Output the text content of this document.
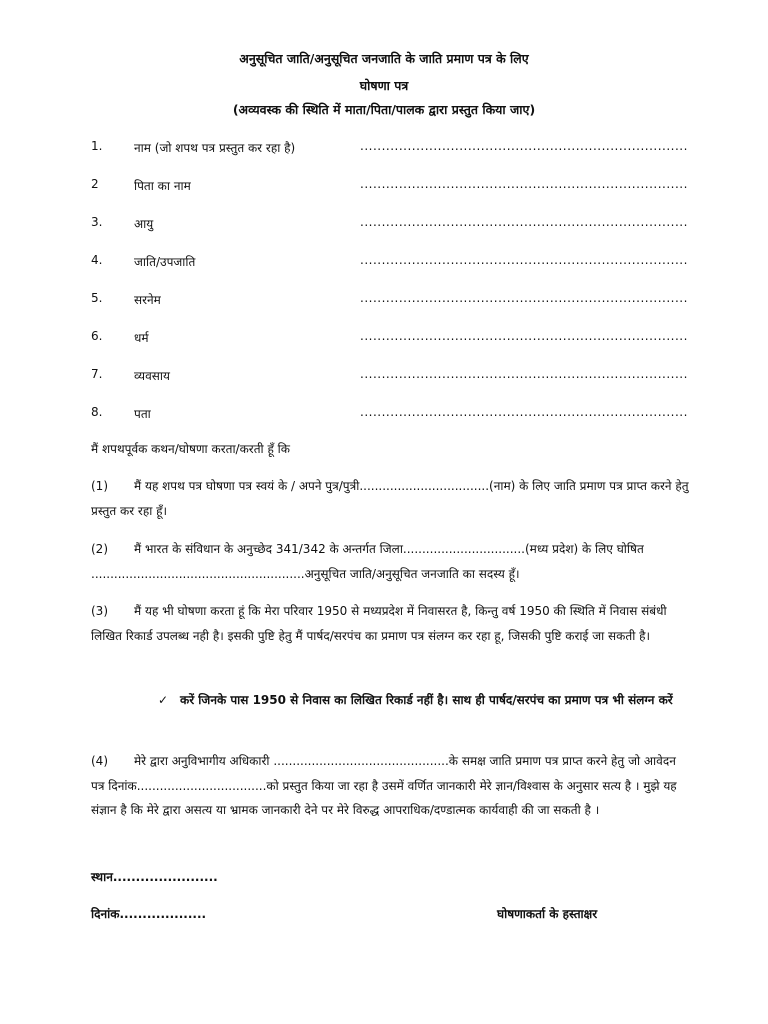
अनुसूचित जाति/अनुसूचित जनजाति के जाति प्रमाण पत्र के लिए
घोषणा पत्र
(अव्यवस्क की स्थिति में माता/पिता/पालक द्वारा प्रस्तुत किया जाए)
1.	नाम (जो शपथ पत्र प्रस्तुत कर रहा है)	............................................................................
2	पिता का नाम	............................................................................
3.	आयु	............................................................................
4.	जाति/उपजाति	............................................................................
5.	सरनेम	............................................................................
6.	धर्म	............................................................................
7.	व्यवसाय	............................................................................
8.	पता	............................................................................
मैं शपथपूर्वक कथन/घोषणा करता/करती हूँ कि
(1) मैं यह शपथ पत्र घोषणा पत्र स्वयं के / अपने पुत्र/पुत्री..................................(नाम) के लिए जाति प्रमाण पत्र प्राप्त करने हेतु प्रस्तुत कर रहा हूँ।
(2) मैं भारत के संविधान के अनुच्छेद 341/342 के अन्तर्गत जिला................................(मध्य प्रदेश) के लिए घोषित ........................................................अनुसूचित जाति/अनुसूचित जनजाति का सदस्य हूँ।
(3) मैं यह भी घोषणा करता हूं कि मेरा परिवार 1950 से मध्यप्रदेश में निवासरत है, किन्तु वर्ष 1950 की स्थिति में निवास संबंधी लिखित रिकार्ड उपलब्ध नही है। इसकी पुष्टि हेतु मैं पार्षद/सरपंच का प्रमाण पत्र संलग्न कर रहा हू, जिसकी पुष्टि कराई जा सकती है।
✓ करें जिनके पास 1950 से निवास का लिखित रिकार्ड नहीं है। साथ ही पार्षद/सरपंच का प्रमाण पत्र भी संलग्न करें
(4) मेरे द्वारा अनुविभागीय अधिकारी ..............................................के समक्ष जाति प्रमाण पत्र प्राप्त करने हेतु जो आवेदन पत्र दिनांक..................................को प्रस्तुत किया जा रहा है उसमें वर्णित जानकारी मेरे ज्ञान/विश्वास के अनुसार सत्य है । मुझे यह संज्ञान है कि मेरे द्वारा असत्य या भ्रामक जानकारी देने पर मेरे विरुद्ध आपराधिक/दण्डात्मक कार्यवाही की जा सकती है ।
स्थान.......................
दिनांक...................	घोषणाकर्ता के हस्ताक्षर
